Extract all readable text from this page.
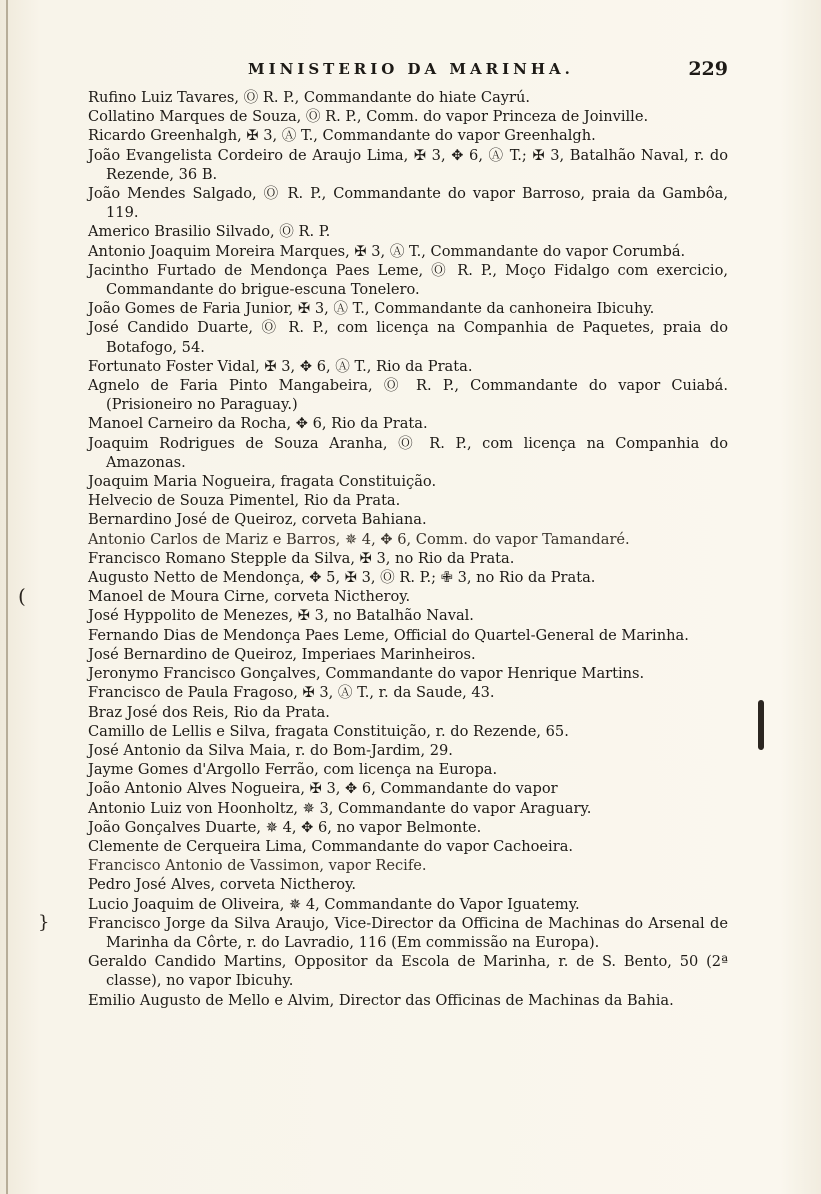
MINISTERIO DA MARINHA.	229
Rufino Luiz Tavares, Ⓞ R. P., Commandante do hiate Cayrú.
Collatino Marques de Souza, Ⓞ R. P., Comm. do vapor Princeza de Joinville.
Ricardo Greenhalgh, ✠ 3, Ⓐ T., Commandante do vapor Greenhalgh.
João Evangelista Cordeiro de Araujo Lima, ✠ 3, ✥ 6, Ⓐ T.; ✠ 3, Batalhão Naval, r. do Rezende, 36 B.
João Mendes Salgado, Ⓞ R. P., Commandante do vapor Barroso, praia da Gambôa, 119.
Americo Brasilio Silvado, Ⓞ R. P.
Antonio Joaquim Moreira Marques, ✠ 3, Ⓐ T., Commandante do vapor Corumbá.
Jacintho Furtado de Mendonça Paes Leme, Ⓞ R. P., Moço Fidalgo com exercicio, Commandante do brigue-escuna Tonelero.
João Gomes de Faria Junior, ✠ 3, Ⓐ T., Commandante da canhoneira Ibicuhy.
José Candido Duarte, Ⓞ R. P., com licença na Companhia de Paquetes, praia do Botafogo, 54.
Fortunato Foster Vidal, ✠ 3, ✥ 6, Ⓐ T., Rio da Prata.
Agnelo de Faria Pinto Mangabeira, Ⓞ R. P., Commandante do vapor Cuiabá. (Prisioneiro no Paraguay.)
Manoel Carneiro da Rocha, ✥ 6, Rio da Prata.
Joaquim Rodrigues de Souza Aranha, Ⓞ R. P., com licença na Companhia do Amazonas.
Joaquim Maria Nogueira, fragata Constituição.
Helvecio de Souza Pimentel, Rio da Prata.
Bernardino José de Queiroz, corveta Bahiana.
Antonio Carlos de Mariz e Barros, ✵ 4, ✥ 6, Comm. do vapor Tamandaré.
Francisco Romano Stepple da Silva, ✠ 3, no Rio da Prata.
Augusto Netto de Mendonça, ✥ 5, ✠ 3, Ⓞ R. P.; ✙ 3, no Rio da Prata.
Manoel de Moura Cirne, corveta Nictheroy.
José Hyppolito de Menezes, ✠ 3, no Batalhão Naval.
Fernando Dias de Mendonça Paes Leme, Official do Quartel-General de Marinha.
José Bernardino de Queiroz, Imperiaes Marinheiros.
Jeronymo Francisco Gonçalves, Commandante do vapor Henrique Martins.
Francisco de Paula Fragoso, ✠ 3, Ⓐ T., r. da Saude, 43.
Braz José dos Reis, Rio da Prata.
Camillo de Lellis e Silva, fragata Constituição, r. do Rezende, 65.
José Antonio da Silva Maia, r. do Bom-Jardim, 29.
Jayme Gomes d'Argollo Ferrão, com licença na Europa.
João Antonio Alves Nogueira, ✠ 3, ✥ 6, Commandante do vapor
Antonio Luiz von Hoonholtz, ✵ 3, Commandante do vapor Araguary.
João Gonçalves Duarte, ✵ 4, ✥ 6, no vapor Belmonte.
Clemente de Cerqueira Lima, Commandante do vapor Cachoeira.
Francisco Antonio de Vassimon, vapor Recife.
Pedro José Alves, corveta Nictheroy.
Lucio Joaquim de Oliveira, ✵ 4, Commandante do Vapor Iguatemy.
Francisco Jorge da Silva Araujo, Vice-Director da Officina de Machinas do Arsenal de Marinha da Côrte, r. do Lavradio, 116 (Em commissão na Europa).
Geraldo Candido Martins, Oppositor da Escola de Marinha, r. de S. Bento, 50 (2ª classe), no vapor Ibicuhy.
Emilio Augusto de Mello e Alvim, Director das Officinas de Machinas da Bahia.
(
}
